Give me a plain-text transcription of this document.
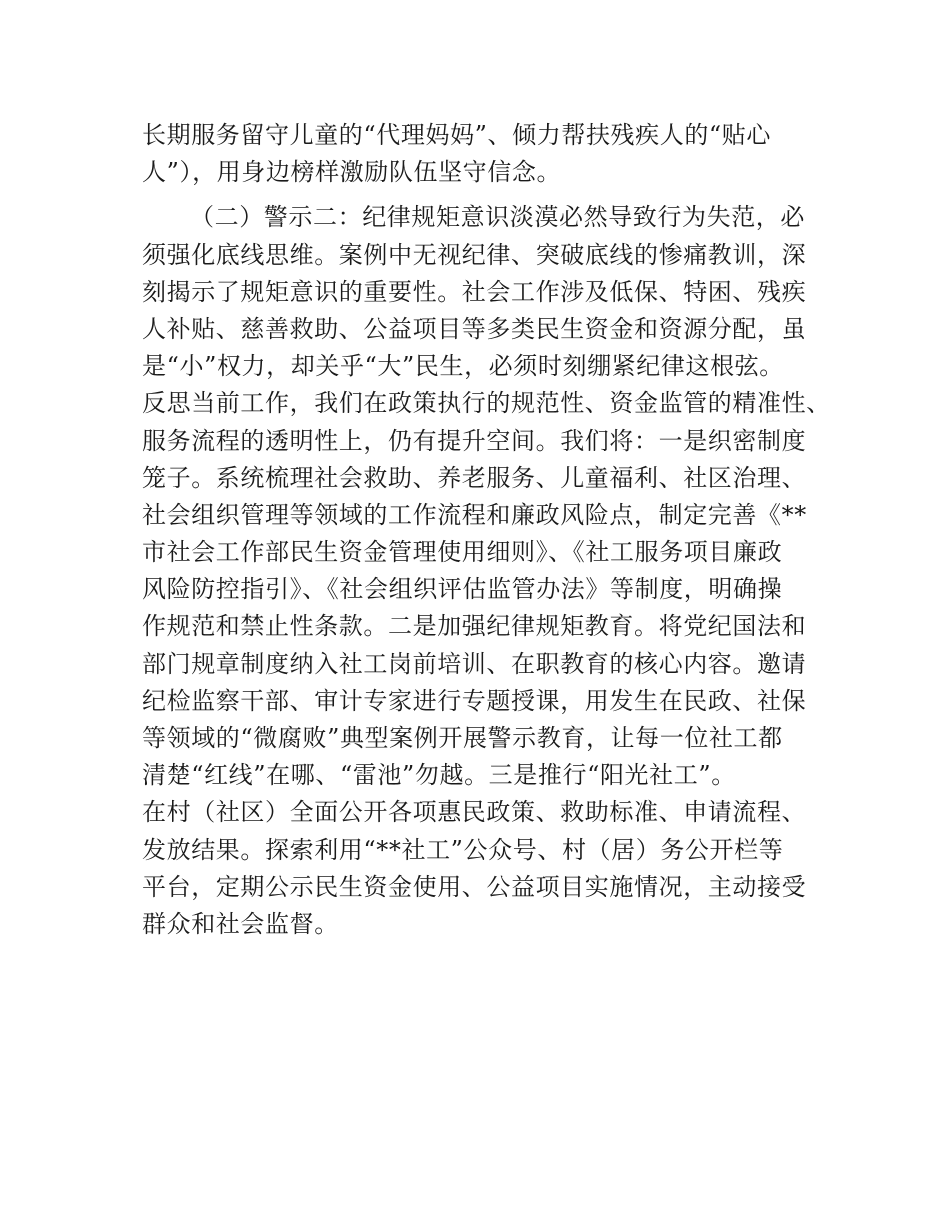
长期服务留守儿童的“代理妈妈”、倾力帮扶残疾人的“贴心
人”），用身边榜样激励队伍坚守信念。
（二）警示二：纪律规矩意识淡漠必然导致行为失范，必
须强化底线思维。案例中无视纪律、突破底线的惨痛教训，深
刻揭示了规矩意识的重要性。社会工作涉及低保、特困、残疾
人补贴、慈善救助、公益项目等多类民生资金和资源分配，虽
是“小”权力，却关乎“大”民生，必须时刻绷紧纪律这根弦。
反思当前工作，我们在政策执行的规范性、资金监管的精准性、
服务流程的透明性上，仍有提升空间。我们将：一是织密制度
笼子。系统梳理社会救助、养老服务、儿童福利、社区治理、
社会组织管理等领域的工作流程和廉政风险点，制定完善《**
市社会工作部民生资金管理使用细则》、《社工服务项目廉政
风险防控指引》、《社会组织评估监管办法》等制度，明确操
作规范和禁止性条款。二是加强纪律规矩教育。将党纪国法和
部门规章制度纳入社工岗前培训、在职教育的核心内容。邀请
纪检监察干部、审计专家进行专题授课，用发生在民政、社保
等领域的“微腐败”典型案例开展警示教育，让每一位社工都
清楚“红线”在哪、“雷池”勿越。三是推行“阳光社工”。
在村（社区）全面公开各项惠民政策、救助标准、申请流程、
发放结果。探索利用“**社工”公众号、村（居）务公开栏等
平台，定期公示民生资金使用、公益项目实施情况，主动接受
群众和社会监督。
